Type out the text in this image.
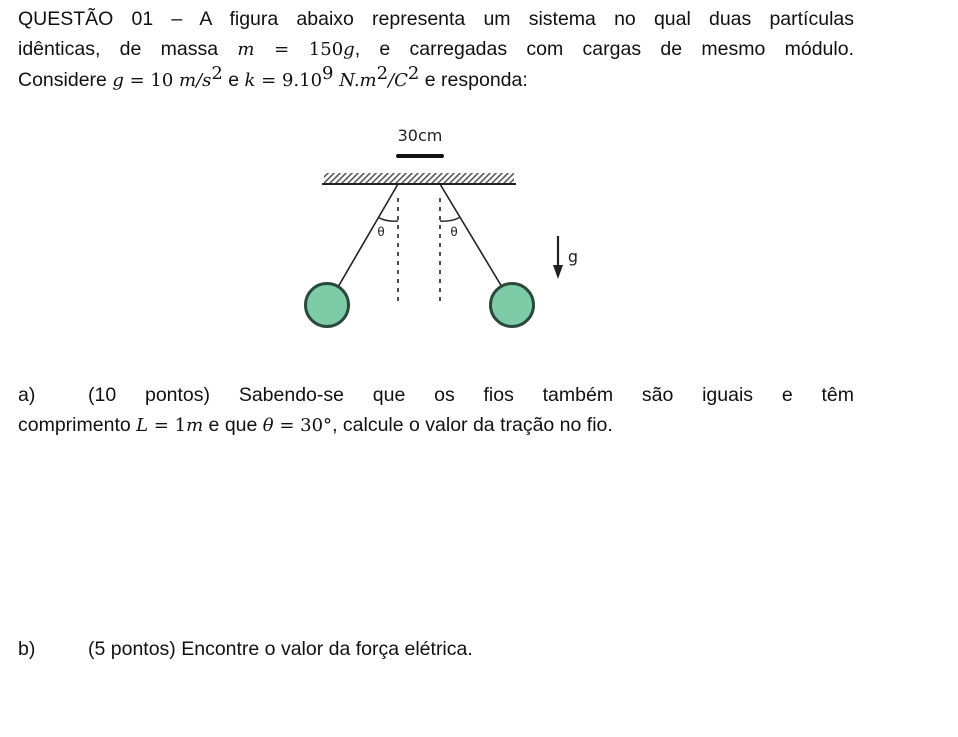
QUESTÃO 01 – A figura abaixo representa um sistema no qual duas partículas
idênticas, de massa m = 150g, e carregadas com cargas de mesmo módulo.
Considere g = 10 $m/s^2$ e $k = 9.10^9$ $N.m^2/C^2$ e responda:
30cm
θ	θ
g
a)	(10 pontos) Sabendo-se que os fios também são iguais e têm
comprimento L = 1m e que θ = 30°, calcule o valor da tração no fio.
b)	(5 pontos) Encontre o valor da força elétrica.
